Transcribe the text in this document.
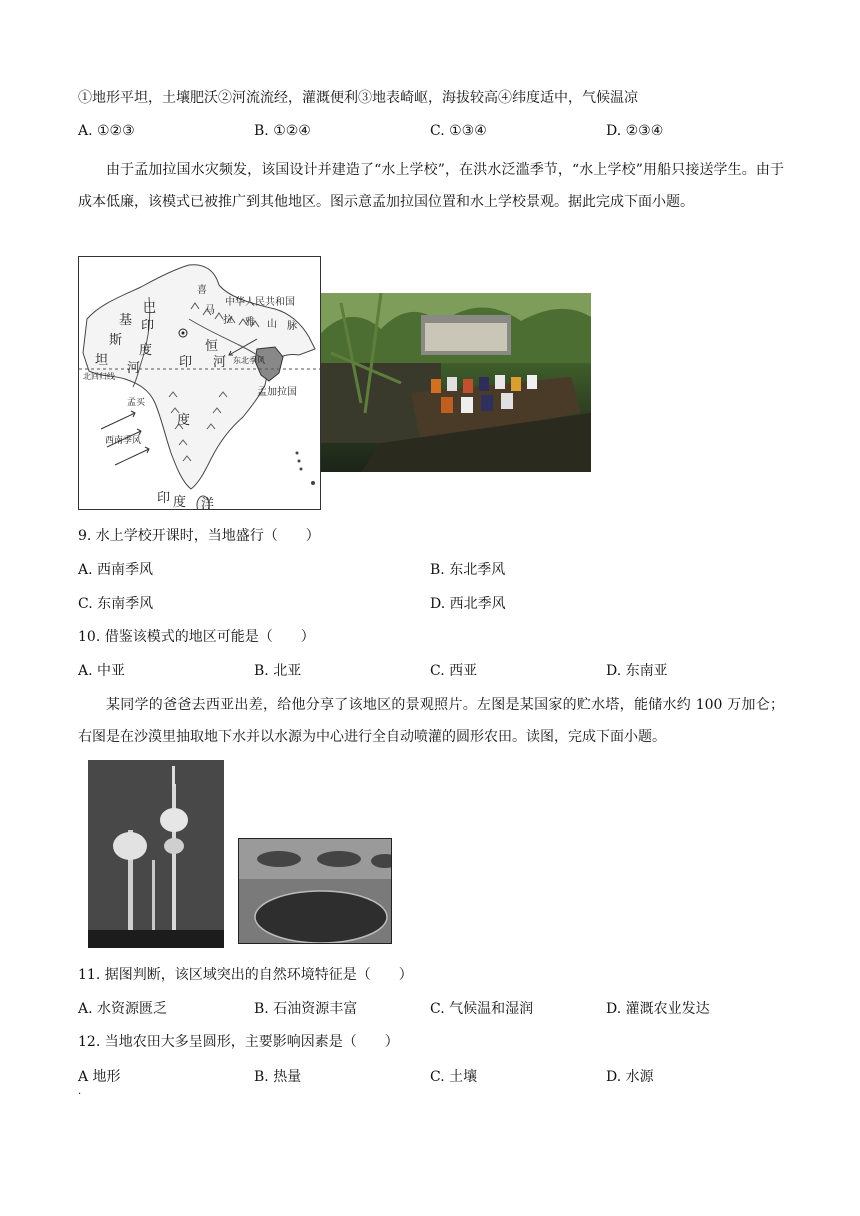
①地形平坦，土壤肥沃②河流流经，灌溉便利③地表崎岖，海拔较高④纬度适中，气候温凉
A. ①②③	B. ①②④	C. ①③④	D. ②③④
由于孟加拉国水灾频发，该国设计并建造了“水上学校”，在洪水泛滥季节，“水上学校”用船只接送学生。由于成本低廉，该模式已被推广到其他地区。图示意孟加拉国位置和水上学校景观。据此完成下面小题。
中华人民共和国
巴
基
斯
坦
印
度
河
喜
马
拉 雅 山 脉
恒
河
印
度
北回归线
东北季风
孟加拉国
孟买
西南季风
印 度 洋
9. 水上学校开课时，当地盛行（　　）
A. 西南季风	B. 东北季风
C. 东南季风	D. 西北季风
10. 借鉴该模式的地区可能是（　　）
A. 中亚	B. 北亚	C. 西亚	D. 东南亚
某同学的爸爸去西亚出差，给他分享了该地区的景观照片。左图是某国家的贮水塔，能储水约 100 万加仑；右图是在沙漠里抽取地下水并以水源为中心进行全自动喷灌的圆形农田。读图，完成下面小题。
11. 据图判断，该区域突出的自然环境特征是（　　）
A. 水资源匮乏	B. 石油资源丰富	C. 气候温和湿润	D. 灌溉农业发达
12. 当地农田大多呈圆形，主要影响因素是（　　）
A 地形	B. 热量	C. 土壤	D. 水源
.
